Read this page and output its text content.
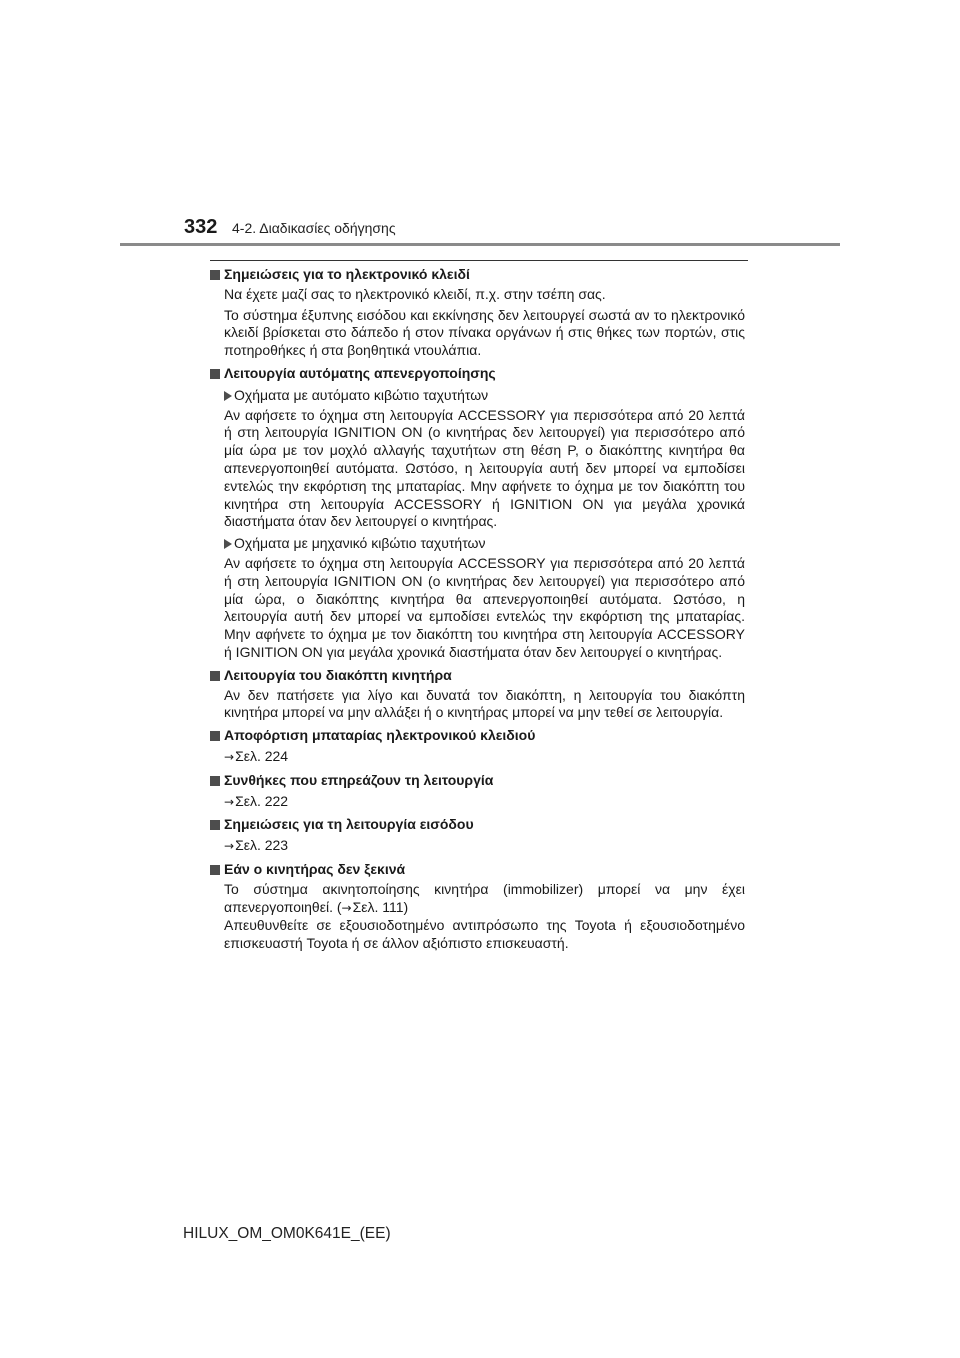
332 4-2. Διαδικασίες οδήγησης
Σημειώσεις για το ηλεκτρονικό κλειδί

Να έχετε μαζί σας το ηλεκτρονικό κλειδί, π.χ. στην τσέπη σας.

Το σύστημα έξυπνης εισόδου και εκκίνησης δεν λειτουργεί σωστά αν το ηλεκτρονικό κλειδί βρίσκεται στο δάπεδο ή στον πίνακα οργάνων ή στις θήκες των πορτών, στις ποτηροθήκες ή στα βοηθητικά ντουλάπια.

Λειτουργία αυτόματης απενεργοποίησης
Οχήματα με αυτόματο κιβώτιο ταχυτήτων

Αν αφήσετε το όχημα στη λειτουργία ACCESSORY για περισσότερα από 20 λεπτά ή στη λειτουργία IGNITION ON (ο κινητήρας δεν λειτουργεί) για περισσότερο από μία ώρα με τον μοχλό αλλαγής ταχυτήτων στη θέση P, ο διακόπτης κινητήρα θα απενεργοποιηθεί αυτόματα. Ωστόσο, η λειτουργία αυτή δεν μπορεί να εμποδίσει εντελώς την εκφόρτιση της μπαταρίας. Μην αφήνετε το όχημα με τον διακόπτη του κινητήρα στη λειτουργία ACCESSORY ή IGNITION ON για μεγάλα χρονικά διαστήματα όταν δεν λειτουργεί ο κινητήρας.

Οχήματα με μηχανικό κιβώτιο ταχυτήτων

Αν αφήσετε το όχημα στη λειτουργία ACCESSORY για περισσότερα από 20 λεπτά ή στη λειτουργία IGNITION ON (ο κινητήρας δεν λειτουργεί) για περισσότερο από μία ώρα, ο διακόπτης κινητήρα θα απενεργοποιηθεί αυτόματα. Ωστόσο, η λειτουργία αυτή δεν μπορεί να εμποδίσει εντελώς την εκφόρτιση της μπαταρίας. Μην αφήνετε το όχημα με τον διακόπτη του κινητήρα στη λειτουργία ACCESSORY ή IGNITION ON για μεγάλα χρονικά διαστήματα όταν δεν λειτουργεί ο κινητήρας.

Λειτουργία του διακόπτη κινητήρα

Αν δεν πατήσετε για λίγο και δυνατά τον διακόπτη, η λειτουργία του διακόπτη κινητήρα μπορεί να μην αλλάξει ή ο κινητήρας μπορεί να μην τεθεί σε λειτουργία.

Αποφόρτιση μπαταρίας ηλεκτρονικού κλειδιού
→Σελ. 224
Συνθήκες που επηρεάζουν τη λειτουργία
→Σελ. 222
Σημειώσεις για τη λειτουργία εισόδου
→Σελ. 223
Εάν ο κινητήρας δεν ξεκινά

Το σύστημα ακινητοποίησης κινητήρα (immobilizer) μπορεί να μην έχει απενεργοποιηθεί. (→Σελ. 111)

Απευθυνθείτε σε εξουσιοδοτημένο αντιπρόσωπο της Toyota ή εξουσιοδοτημένο επισκευαστή Toyota ή σε άλλον αξιόπιστο επισκευαστή.

HILUX_OM_OM0K641E_(EE)
